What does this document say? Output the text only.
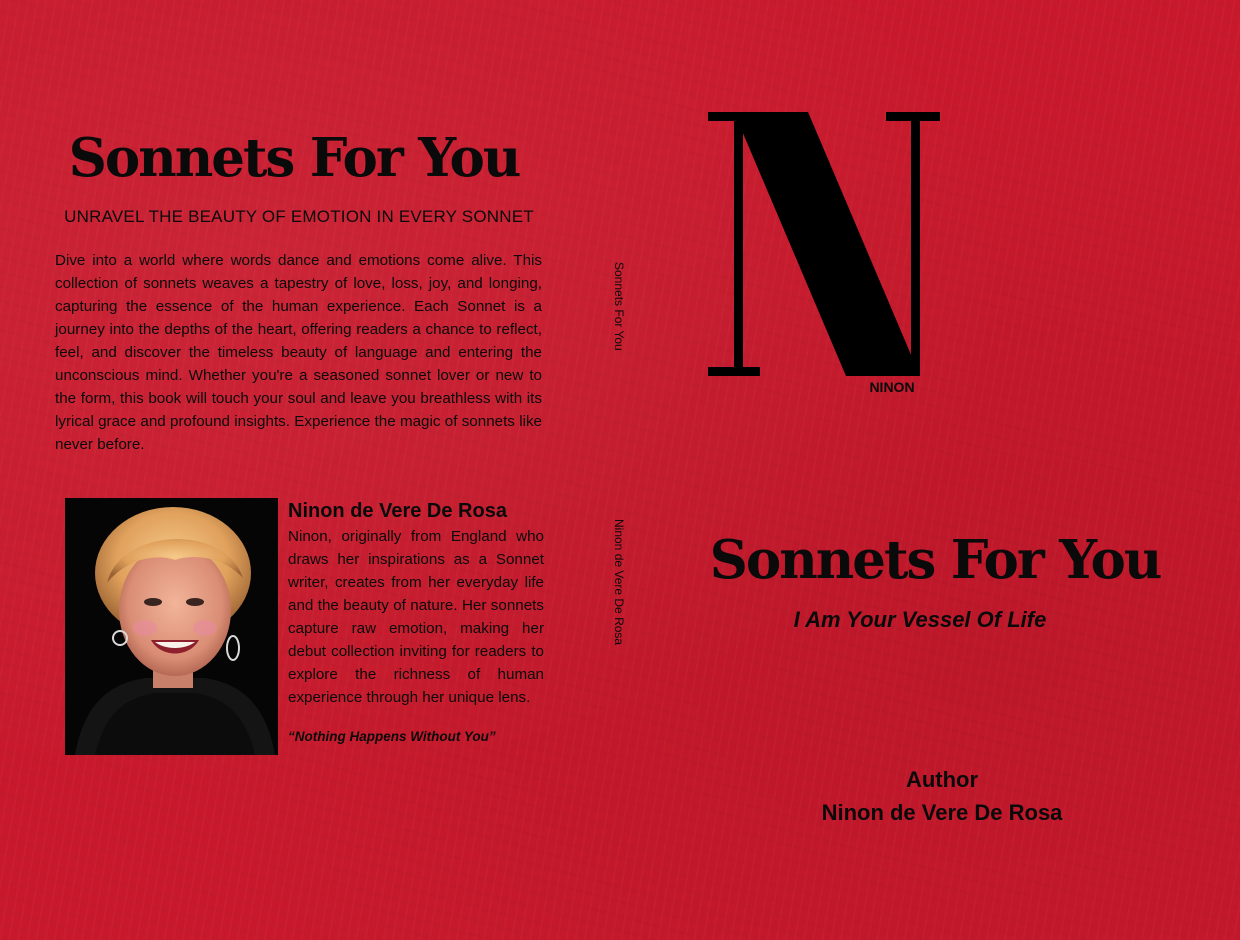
Sonnets For You

UNRAVEL THE BEAUTY OF EMOTION IN EVERY SONNET

Dive into a world where words dance and emotions come alive. This collection of sonnets weaves a tapestry of love, loss, joy, and longing, capturing the essence of the human experience. Each Sonnet is a journey into the depths of the heart, offering readers a chance to reflect, feel, and discover the timeless beauty of language and entering the unconscious mind. Whether you're a seasoned sonnet lover or new to the form, this book will touch your soul and leave you breathless with its lyrical grace and profound insights. Experience the magic of sonnets like never before.

Ninon de Vere De Rosa

Ninon, originally from England who draws her inspirations as a Sonnet writer, creates from her everyday life and the beauty of nature. Her sonnets capture raw emotion, making her debut collection inviting for readers to explore the richness of human experience through her unique lens.

“Nothing Happens Without You”

Sonnets For You

Ninon de Vere De Rosa

NINON

Sonnets For You

I Am Your Vessel Of Life

Author

Ninon de Vere De Rosa
